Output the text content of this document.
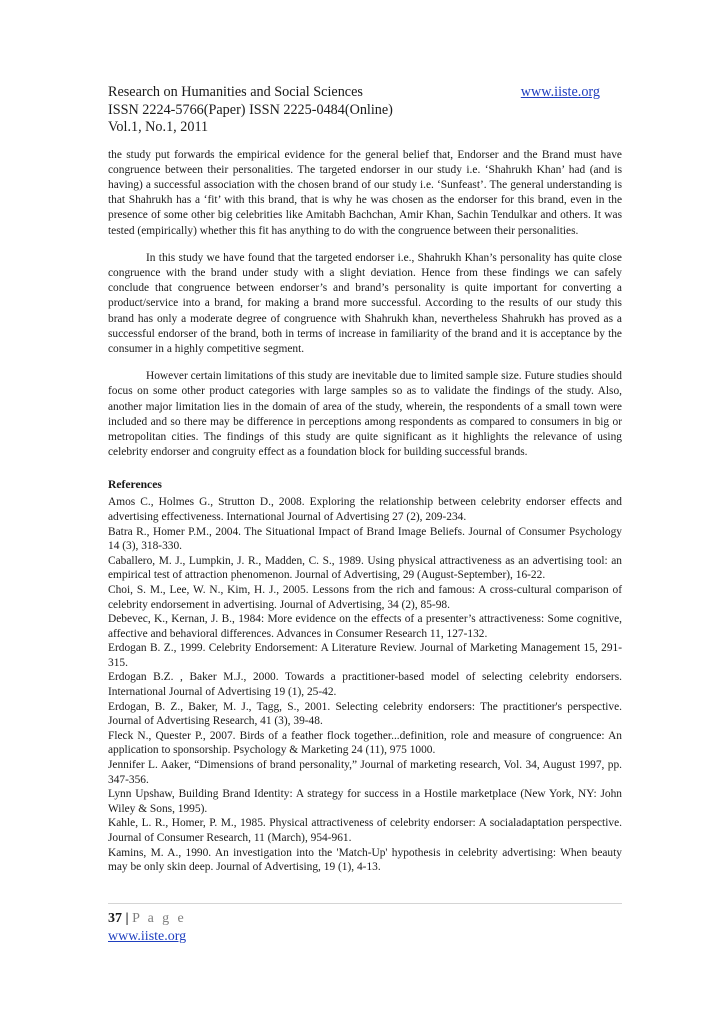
Research on Humanities and Social Sciences	www.iiste.org
ISSN 2224-5766(Paper) ISSN 2225-0484(Online)
Vol.1, No.1, 2011

the study put forwards the empirical evidence for the general belief that, Endorser and the Brand must have congruence between their personalities. The targeted endorser in our study i.e. ‘Shahrukh Khan’ had (and is having) a successful association with the chosen brand of our study i.e. ‘Sunfeast’. The general understanding is that Shahrukh has a ‘fit’ with this brand, that is why he was chosen as the endorser for this brand, even in the presence of some other big celebrities like Amitabh Bachchan, Amir Khan, Sachin Tendulkar and others. It was tested (empirically) whether this fit has anything to do with the congruence between their personalities.

In this study we have found that the targeted endorser i.e., Shahrukh Khan’s personality has quite close congruence with the brand under study with a slight deviation. Hence from these findings we can safely conclude that congruence between endorser’s and brand’s personality is quite important for converting a product/service into a brand, for making a brand more successful. According to the results of our study this brand has only a moderate degree of congruence with Shahrukh khan, nevertheless Shahrukh has proved as a successful endorser of the brand, both in terms of increase in familiarity of the brand and it is acceptance by the consumer in a highly competitive segment.

However certain limitations of this study are inevitable due to limited sample size. Future studies should focus on some other product categories with large samples so as to validate the findings of the study. Also, another major limitation lies in the domain of area of the study, wherein, the respondents of a small town were included and so there may be difference in perceptions among respondents as compared to consumers in big or metropolitan cities. The findings of this study are quite significant as it highlights the relevance of using celebrity endorser and congruity effect as a foundation block for building successful brands.

References
Amos C., Holmes G., Strutton D., 2008. Exploring the relationship between celebrity endorser effects and advertising effectiveness. International Journal of Advertising 27 (2), 209-234.
Batra R., Homer P.M., 2004. The Situational Impact of Brand Image Beliefs. Journal of Consumer Psychology 14 (3), 318-330.
Caballero, M. J., Lumpkin, J. R., Madden, C. S., 1989. Using physical attractiveness as an advertising tool: an empirical test of attraction phenomenon. Journal of Advertising, 29 (August-September), 16-22.
Choi, S. M., Lee, W. N., Kim, H. J., 2005. Lessons from the rich and famous: A cross-cultural comparison of celebrity endorsement in advertising. Journal of Advertising, 34 (2), 85-98.
Debevec, K., Kernan, J. B., 1984: More evidence on the effects of a presenter’s attractiveness: Some cognitive, affective and behavioral differences. Advances in Consumer Research 11, 127-132.
Erdogan B. Z., 1999. Celebrity Endorsement: A Literature Review. Journal of Marketing Management 15, 291-315.
Erdogan B.Z. , Baker M.J., 2000. Towards a practitioner-based model of selecting celebrity endorsers. International Journal of Advertising 19 (1), 25-42.
Erdogan, B. Z., Baker, M. J., Tagg, S., 2001. Selecting celebrity endorsers: The practitioner's perspective. Journal of Advertising Research, 41 (3), 39-48.
Fleck N., Quester P., 2007. Birds of a feather flock together...definition, role and measure of congruence: An application to sponsorship. Psychology & Marketing 24 (11), 975 1000.
Jennifer L. Aaker, “Dimensions of brand personality,” Journal of marketing research, Vol. 34, August 1997, pp. 347-356.
Lynn Upshaw, Building Brand Identity: A strategy for success in a Hostile marketplace (New York, NY: John Wiley & Sons, 1995).
Kahle, L. R., Homer, P. M., 1985. Physical attractiveness of celebrity endorser: A socialadaptation perspective. Journal of Consumer Research, 11 (March), 954-961.
Kamins, M. A., 1990. An investigation into the 'Match-Up' hypothesis in celebrity advertising: When beauty may be only skin deep. Journal of Advertising, 19 (1), 4-13.
37 | P a g e
www.iiste.org
